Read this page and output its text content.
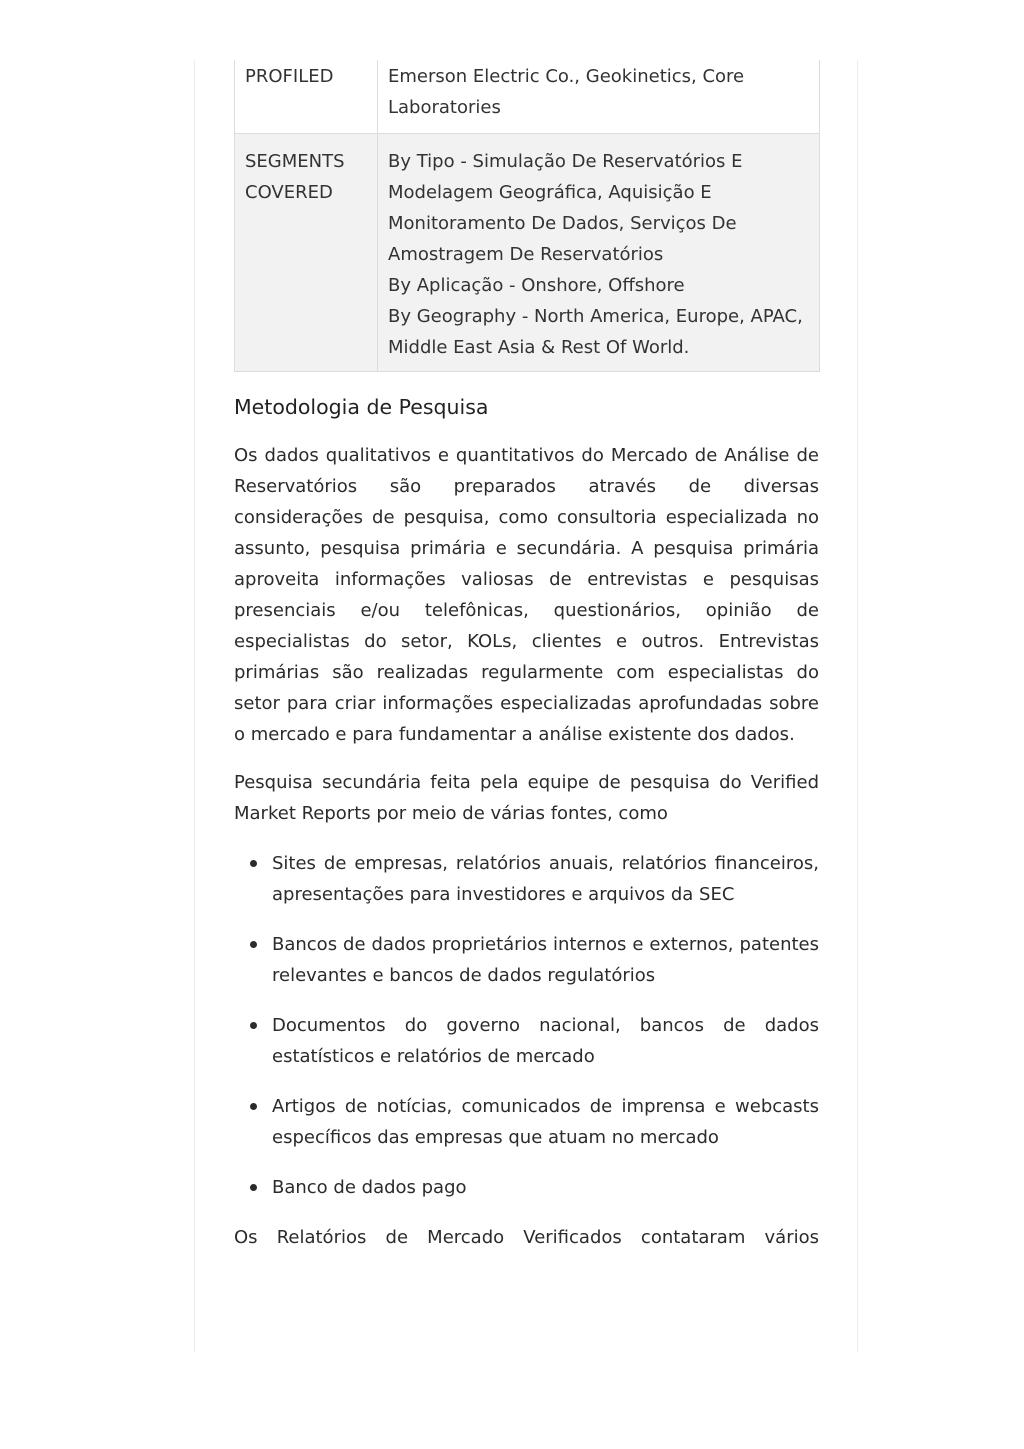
PROFILED	Emerson Electric Co., Geokinetics, Core Laboratories

SEGMENTS COVERED	By Tipo - Simulação De Reservatórios E Modelagem Geográfica, Aquisição E Monitoramento De Dados, Serviços De Amostragem De Reservatórios
By Aplicação - Onshore, Offshore
By Geography - North America, Europe, APAC, Middle East Asia & Rest Of World.
Metodologia de Pesquisa

Os dados qualitativos e quantitativos do Mercado de Análise de Reservatórios são preparados através de diversas considerações de pesquisa, como consultoria especializada no assunto, pesquisa primária e secundária. A pesquisa primária aproveita informações valiosas de entrevistas e pesquisas presenciais e/ou telefônicas, questionários, opinião de especialistas do setor, KOLs, clientes e outros. Entrevistas primárias são realizadas regularmente com especialistas do setor para criar informações especializadas aprofundadas sobre o mercado e para fundamentar a análise existente dos dados.

Pesquisa secundária feita pela equipe de pesquisa do Verified Market Reports por meio de várias fontes, como

Sites de empresas, relatórios anuais, relatórios financeiros, apresentações para investidores e arquivos da SEC
Bancos de dados proprietários internos e externos, patentes relevantes e bancos de dados regulatórios
Documentos do governo nacional, bancos de dados estatísticos e relatórios de mercado
Artigos de notícias, comunicados de imprensa e webcasts específicos das empresas que atuam no mercado
Banco de dados pago

Os Relatórios de Mercado Verificados contataram vários
